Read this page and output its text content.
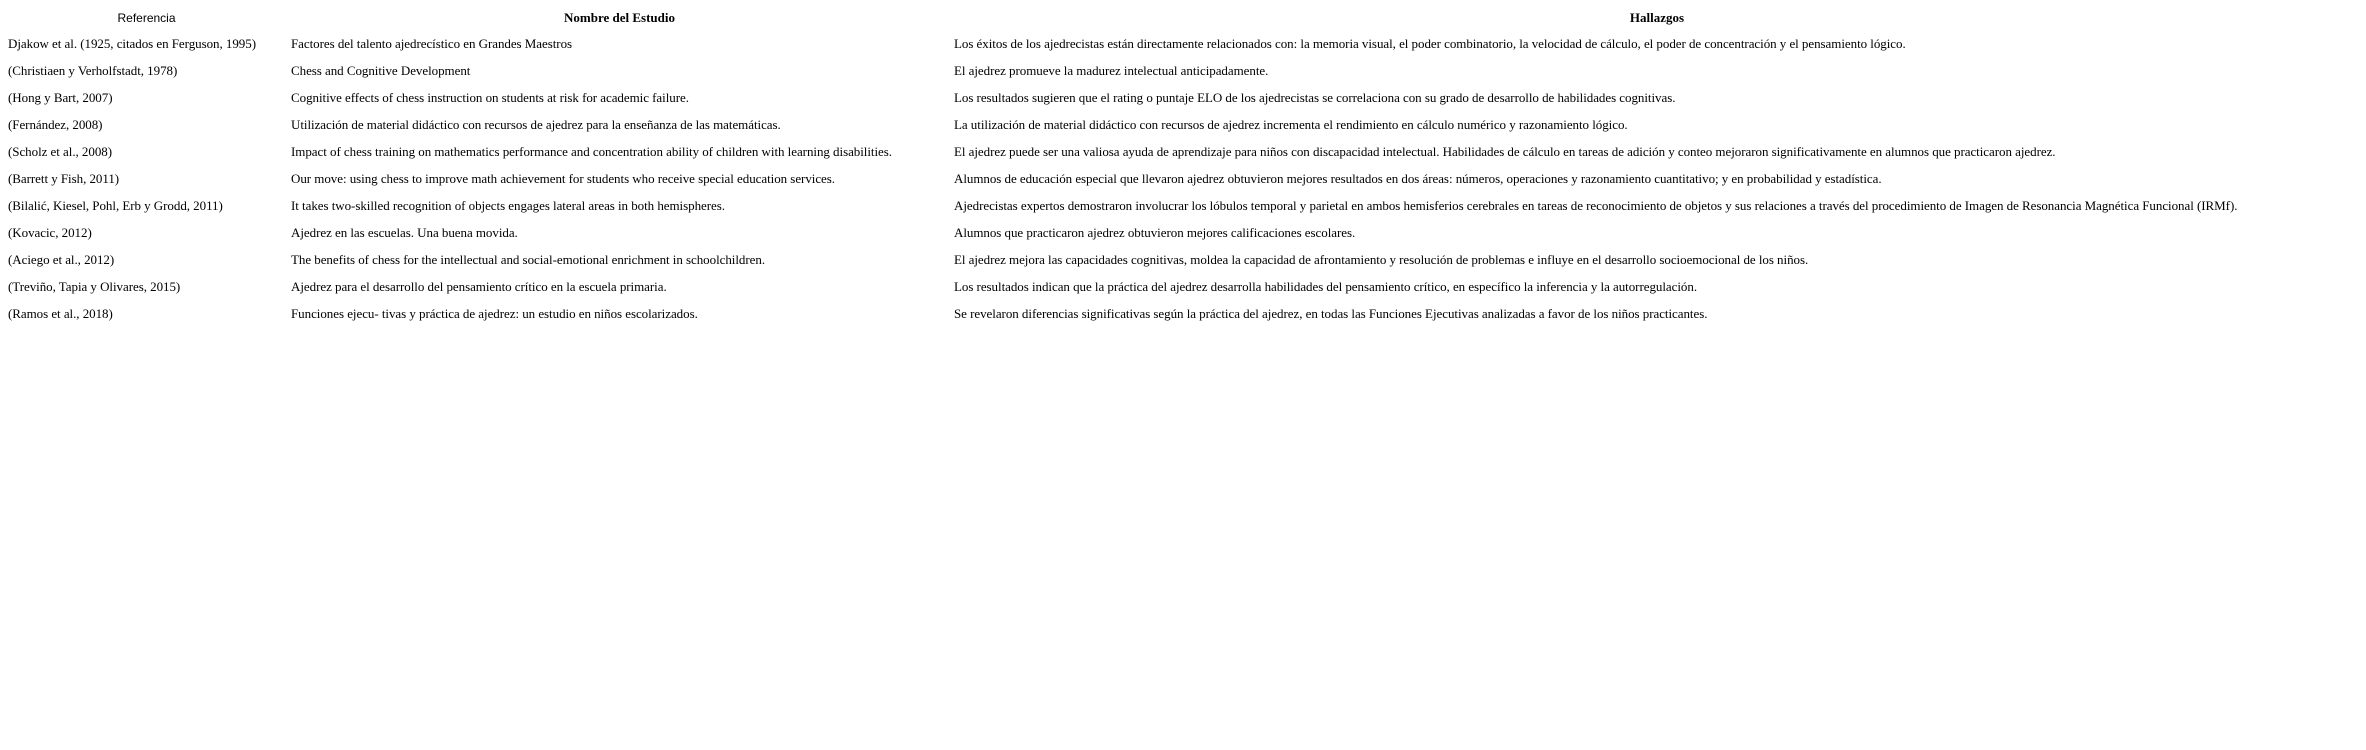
Referencia	Nombre del Estudio	Hallazgos
Djakow et al. (1925, citados en Ferguson, 1995)	Factores del talento ajedrecístico en Grandes Maestros	Los éxitos de los ajedrecistas están directamente relacionados con: la memoria visual, el poder combinatorio, la velocidad de cálculo, el poder de concentración y el pensamiento lógico.
(Christiaen y Verholfstadt, 1978)	Chess and Cognitive Development	El ajedrez promueve la madurez intelectual anticipadamente.
(Hong y Bart, 2007)	Cognitive effects of chess instruction on students at risk for academic failure.	Los resultados sugieren que el rating o puntaje ELO de los ajedrecistas se correlaciona con su grado de desarrollo de habilidades cognitivas.
(Fernández, 2008)	Utilización de material didáctico con recursos de ajedrez para la enseñanza de las matemáticas.	La utilización de material didáctico con recursos de ajedrez incrementa el rendimiento en cálculo numérico y razonamiento lógico.
(Scholz et al., 2008)	Impact of chess training on mathematics performance and concentration ability of children with learning disabilities.	El ajedrez puede ser una valiosa ayuda de aprendizaje para niños con discapacidad intelectual. Habilidades de cálculo en tareas de adición y conteo mejoraron significativamente en alumnos que practicaron ajedrez.
(Barrett y Fish, 2011)	Our move: using chess to improve math achievement for students who receive special education services.	Alumnos de educación especial que llevaron ajedrez obtuvieron mejores resultados en dos áreas: números, operaciones y razonamiento cuantitativo; y en probabilidad y estadística.
(Bilalić, Kiesel, Pohl, Erb y Grodd, 2011)	It takes two-skilled recognition of objects engages lateral areas in both hemispheres.	Ajedrecistas expertos demostraron involucrar los lóbulos temporal y parietal en ambos hemisferios cerebrales en tareas de reconocimiento de objetos y sus relaciones a través del procedimiento de Imagen de Resonancia Magnética Funcional (IRMf).
(Kovacic, 2012)	Ajedrez en las escuelas. Una buena movida.	Alumnos que practicaron ajedrez obtuvieron mejores calificaciones escolares.
(Aciego et al., 2012)	The benefits of chess for the intellectual and social-emotional enrichment in schoolchildren.	El ajedrez mejora las capacidades cognitivas, moldea la capacidad de afrontamiento y resolución de problemas e influye en el desarrollo socioemocional de los niños.
(Treviño, Tapia y Olivares, 2015)	Ajedrez para el desarrollo del pensamiento crítico en la escuela primaria.	Los resultados indican que la práctica del ajedrez desarrolla habilidades del pensamiento crítico, en específico la inferencia y la autorregulación.
(Ramos et al., 2018)	Funciones ejecu- tivas y práctica de ajedrez: un estudio en niños escolarizados.	Se revelaron diferencias significativas según la práctica del ajedrez, en todas las Funciones Ejecutivas analizadas a favor de los niños practicantes.
